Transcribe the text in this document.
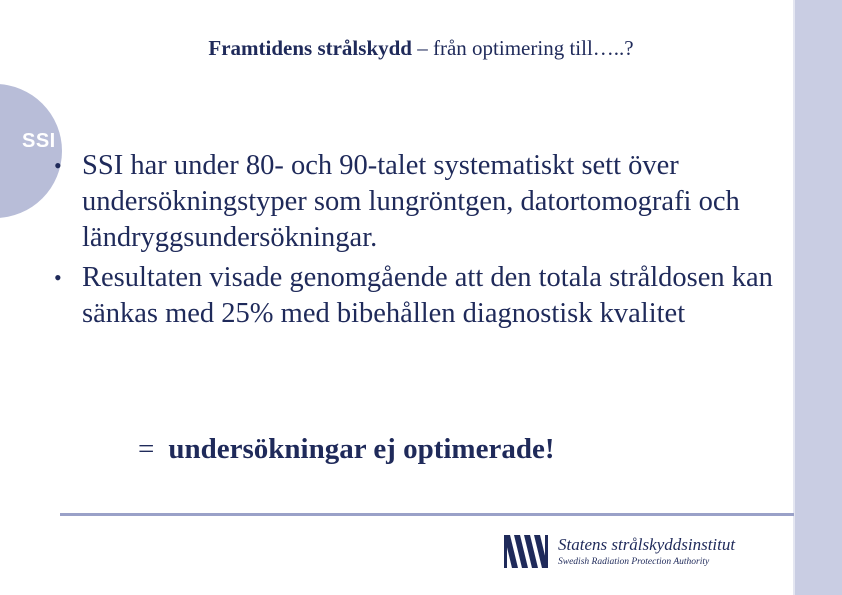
SSI
Framtidens strålskydd – från optimering till…..?
• SSI har under 80- och 90-talet systematiskt sett över undersökningstyper som lungröntgen, datortomografi och ländryggsundersökningar.
• Resultaten visade genomgående att den totala stråldosen kan sänkas med 25% med bibehållen diagnostisk kvalitet
= undersökningar ej optimerade!
Statens strålskyddsinstitut
Swedish Radiation Protection Authority
